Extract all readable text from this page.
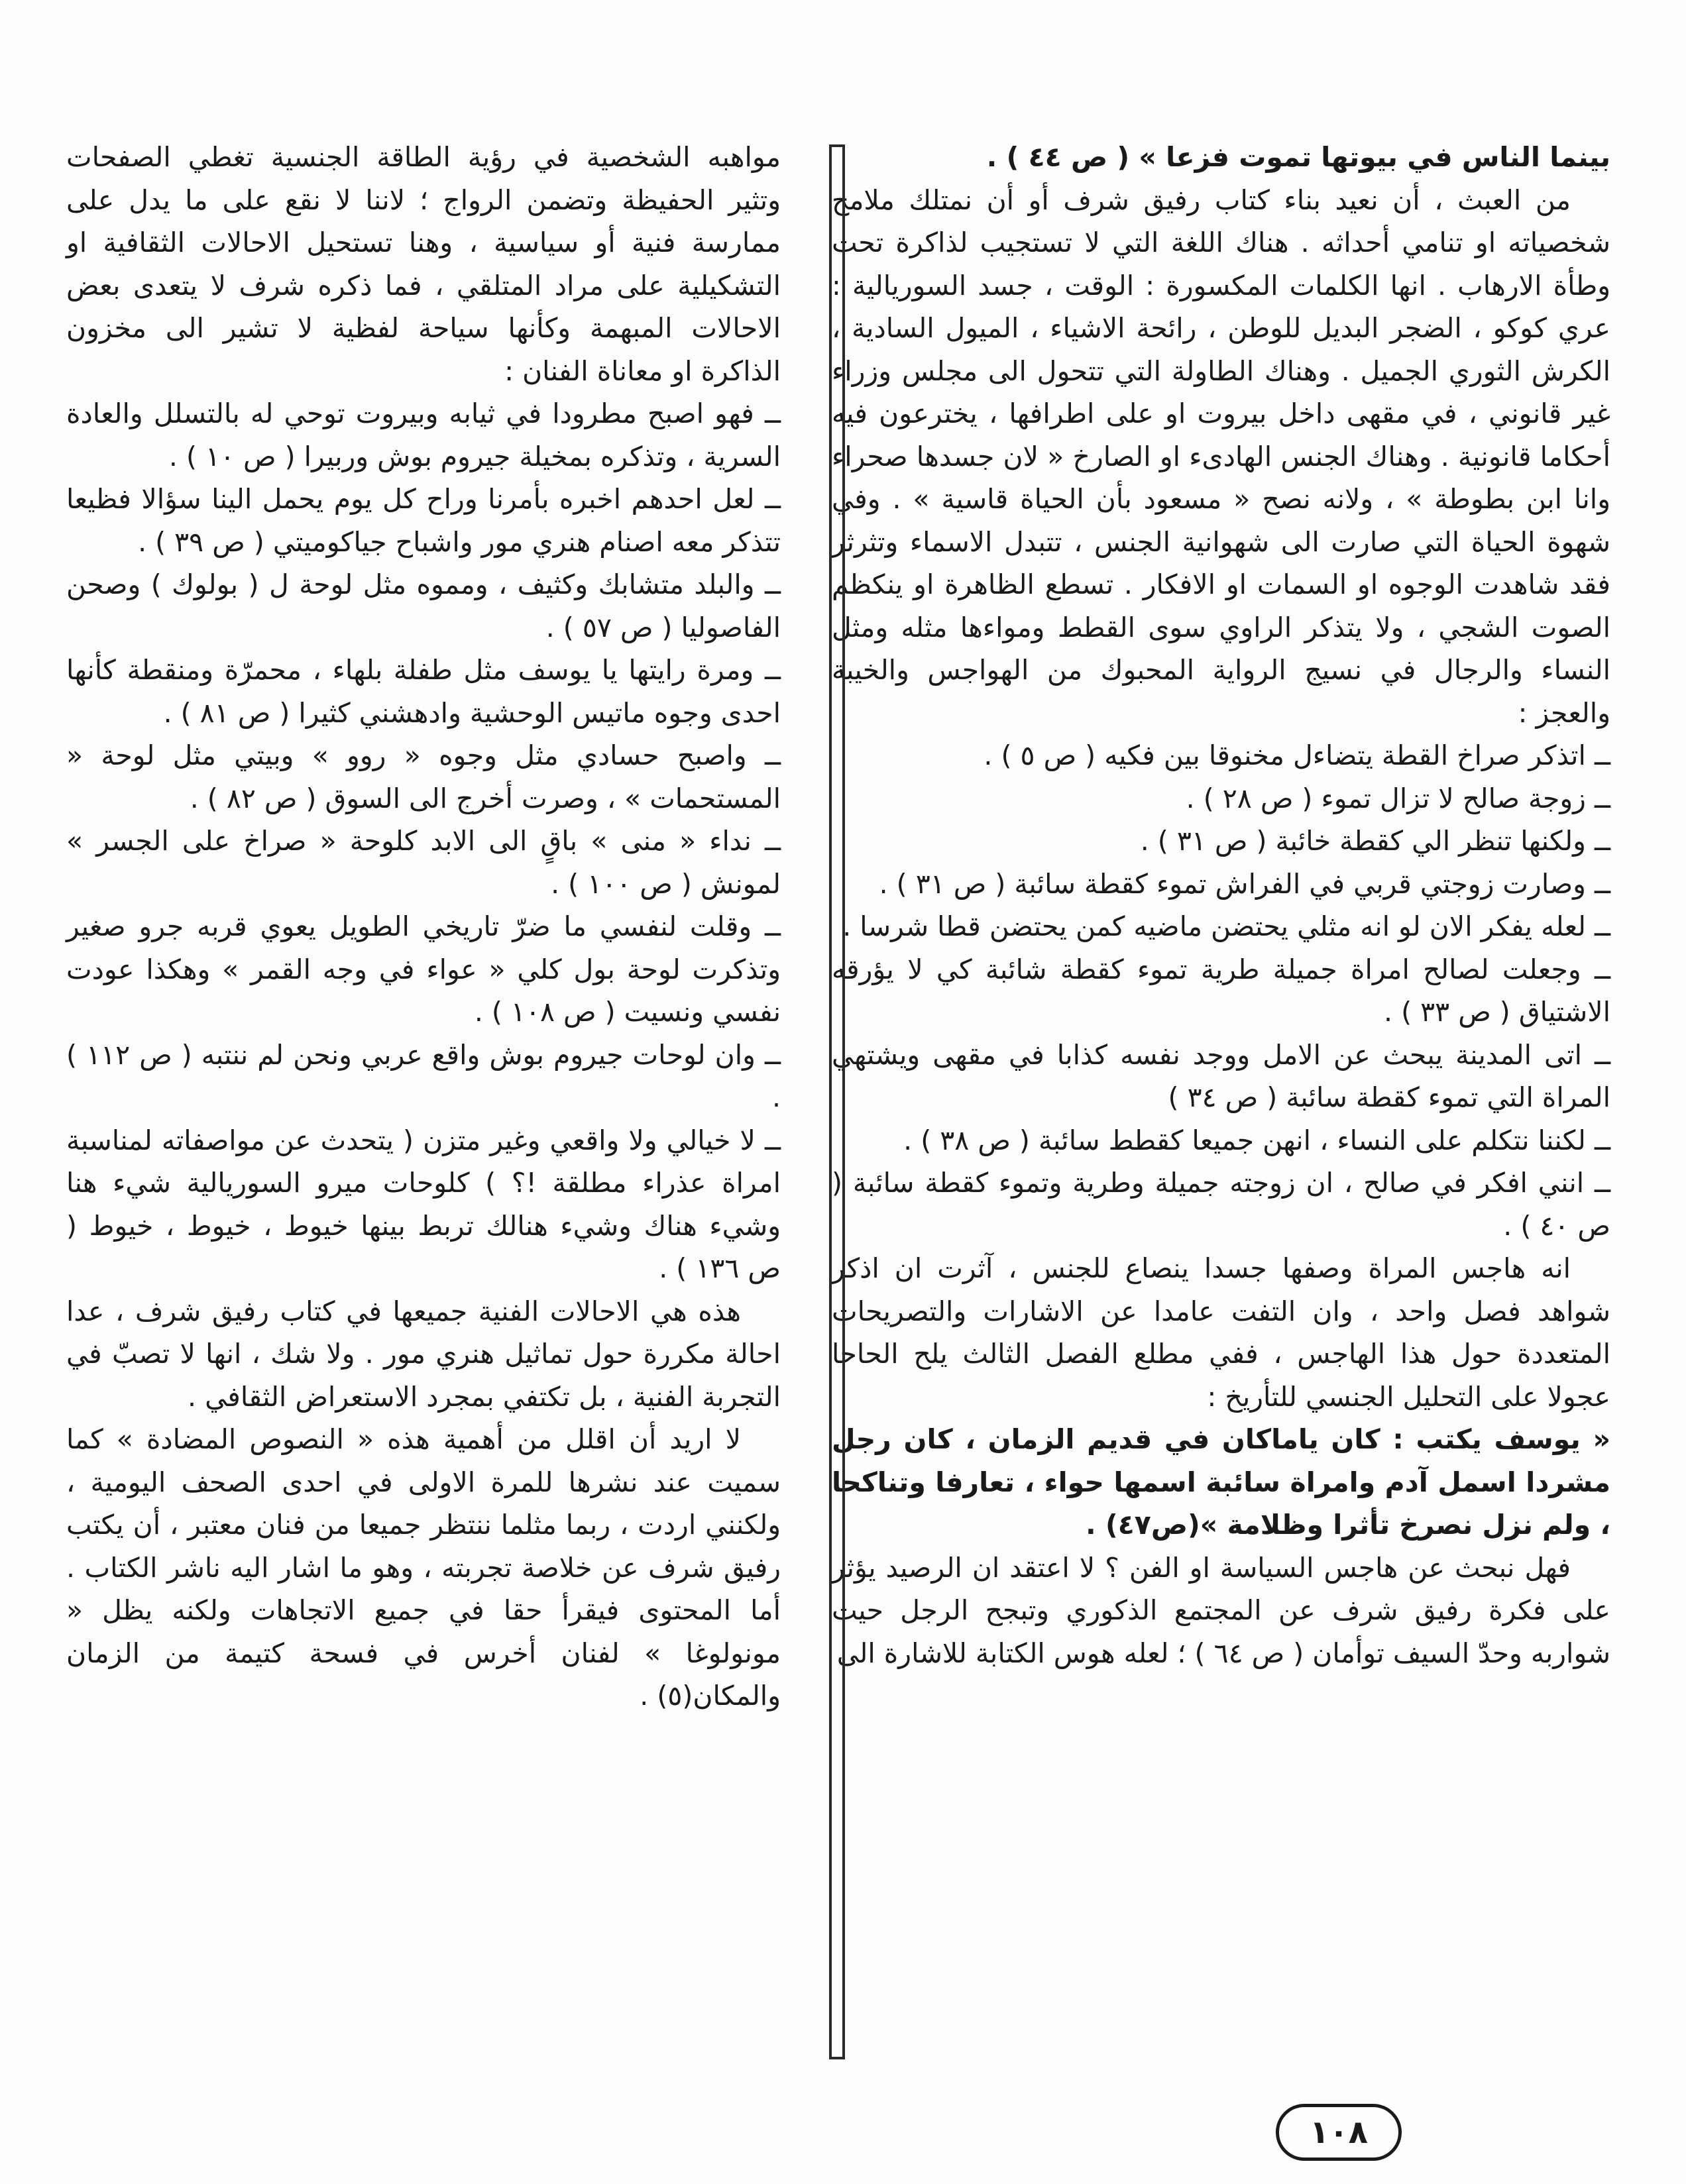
بينما الناس في بيوتها تموت فزعا » ( ص ٤٤ ) .

من العبث ، أن نعيد بناء كتاب رفيق شرف أو أن نمتلك ملامح شخصياته او تنامي أحداثه . هناك اللغة التي لا تستجيب لذاكرة تحت وطأة الارهاب . انها الكلمات المكسورة : الوقت ، جسد السوريالية : عري كوكو ، الضجر البديل للوطن ، رائحة الاشياء ، الميول السادية ، الكرش الثوري الجميل . وهناك الطاولة التي تتحول الى مجلس وزراء غير قانوني ، في مقهى داخل بيروت او على اطرافها ، يخترعون فيه أحكاما قانونية . وهناك الجنس الهادىء او الصارخ « لان جسدها صحراء وانا ابن بطوطة » ، ولانه نصح « مسعود بأن الحياة قاسية » . وفي شهوة الحياة التي صارت الى شهوانية الجنس ، تتبدل الاسماء وتثرثر فقد شاهدت الوجوه او السمات او الافكار . تسطع الظاهرة او ينكظم الصوت الشجي ، ولا يتذكر الراوي سوى القطط ومواءها مثله ومثل النساء والرجال في نسيج الرواية المحبوك من الهواجس والخيبة والعجز :

ــ اتذكر صراخ القطة يتضاءل مخنوقا بين فكيه ( ص ٥ ) .

ــ زوجة صالح لا تزال تموء ( ص ٢٨ ) .

ــ ولكنها تنظر الي كقطة خائبة ( ص ٣١ ) .

ــ وصارت زوجتي قربي في الفراش تموء كقطة سائبة ( ص ٣١ ) .

ــ لعله يفكر الان لو انه مثلي يحتضن ماضيه كمن يحتضن قطا شرسا .

ــ وجعلت لصالح امراة جميلة طرية تموء كقطة شائبة كي لا يؤرقه الاشتياق ( ص ٣٣ ) .

ــ اتى المدينة يبحث عن الامل ووجد نفسه كذابا في مقهى ويشتهي المراة التي تموء كقطة سائبة ( ص ٣٤ )

ــ لكننا نتكلم على النساء ، انهن جميعا كقطط سائبة ( ص ٣٨ ) .

ــ انني افكر في صالح ، ان زوجته جميلة وطرية وتموء كقطة سائبة ( ص ٤٠ ) .

انه هاجس المراة وصفها جسدا ينصاع للجنس ، آثرت ان اذكر شواهد فصل واحد ، وان التفت عامدا عن الاشارات والتصريحات المتعددة حول هذا الهاجس ، ففي مطلع الفصل الثالث يلح الحاحا عجولا على التحليل الجنسي للتأريخ :

« يوسف يكتب : كان ياماكان في قديم الزمان ، كان رجل مشردا اسمل آدم وامراة سائبة اسمها حواء ، تعارفا وتناكحا ، ولم نزل نصرخ تأثرا وظلامة »(ص٤٧) .

فهل نبحث عن هاجس السياسة او الفن ؟ لا اعتقد ان الرصيد يؤثر على فكرة رفيق شرف عن المجتمع الذكوري وتبجح الرجل حيث شواربه وحدّ السيف توأمان ( ص ٦٤ ) ؛ لعله هوس الكتابة للاشارة الى

مواهبه الشخصية في رؤية الطاقة الجنسية تغطي الصفحات وتثير الحفيظة وتضمن الرواج ؛ لاننا لا نقع على ما يدل على ممارسة فنية أو سياسية ، وهنا تستحيل الاحالات الثقافية او التشكيلية على مراد المتلقي ، فما ذكره شرف لا يتعدى بعض الاحالات المبهمة وكأنها سياحة لفظية لا تشير الى مخزون الذاكرة او معاناة الفنان :

ــ فهو اصبح مطرودا في ثيابه وبيروت توحي له بالتسلل والعادة السرية ، وتذكره بمخيلة جيروم بوش وربيرا ( ص ١٠ ) .

ــ لعل احدهم اخبره بأمرنا وراح كل يوم يحمل الينا سؤالا فظيعا تتذكر معه اصنام هنري مور واشباح جياكوميتي ( ص ٣٩ ) .

ــ والبلد متشابك وكثيف ، ومموه مثل لوحة ل ( بولوك ) وصحن الفاصوليا ( ص ٥٧ ) .

ــ ومرة رايتها يا يوسف مثل طفلة بلهاء ، محمرّة ومنقطة كأنها احدى وجوه ماتيس الوحشية وادهشني كثيرا ( ص ٨١ ) .

ــ واصبح حسادي مثل وجوه « روو » وبيتي مثل لوحة « المستحمات » ، وصرت أخرج الى السوق ( ص ٨٢ ) .

ــ نداء « منى » باقٍ الى الابد كلوحة « صراخ على الجسر » لمونش ( ص ١٠٠ ) .

ــ وقلت لنفسي ما ضرّ تاريخي الطويل يعوي قربه جرو صغير وتذكرت لوحة بول كلي « عواء في وجه القمر » وهكذا عودت نفسي ونسيت ( ص ١٠٨ ) .

ــ وان لوحات جيروم بوش واقع عربي ونحن لم ننتبه ( ص ١١٢ ) .

ــ لا خيالي ولا واقعي وغير متزن ( يتحدث عن مواصفاته لمناسبة امراة عذراء مطلقة !؟ ) كلوحات ميرو السوريالية شيء هنا وشيء هناك وشيء هنالك تربط بينها خيوط ، خيوط ، خيوط ( ص ١٣٦ ) .

هذه هي الاحالات الفنية جميعها في كتاب رفيق شرف ، عدا احالة مكررة حول تماثيل هنري مور . ولا شك ، انها لا تصبّ في التجربة الفنية ، بل تكتفي بمجرد الاستعراض الثقافي .

لا اريد أن اقلل من أهمية هذه « النصوص المضادة » كما سميت عند نشرها للمرة الاولى في احدى الصحف اليومية ، ولكنني اردت ، ربما مثلما ننتظر جميعا من فنان معتبر ، أن يكتب رفيق شرف عن خلاصة تجربته ، وهو ما اشار اليه ناشر الكتاب . أما المحتوى فيقرأ حقا في جميع الاتجاهات ولكنه يظل « مونولوغا » لفنان أخرس في فسحة كتيمة من الزمان والمكان(٥) .

١٠٨
